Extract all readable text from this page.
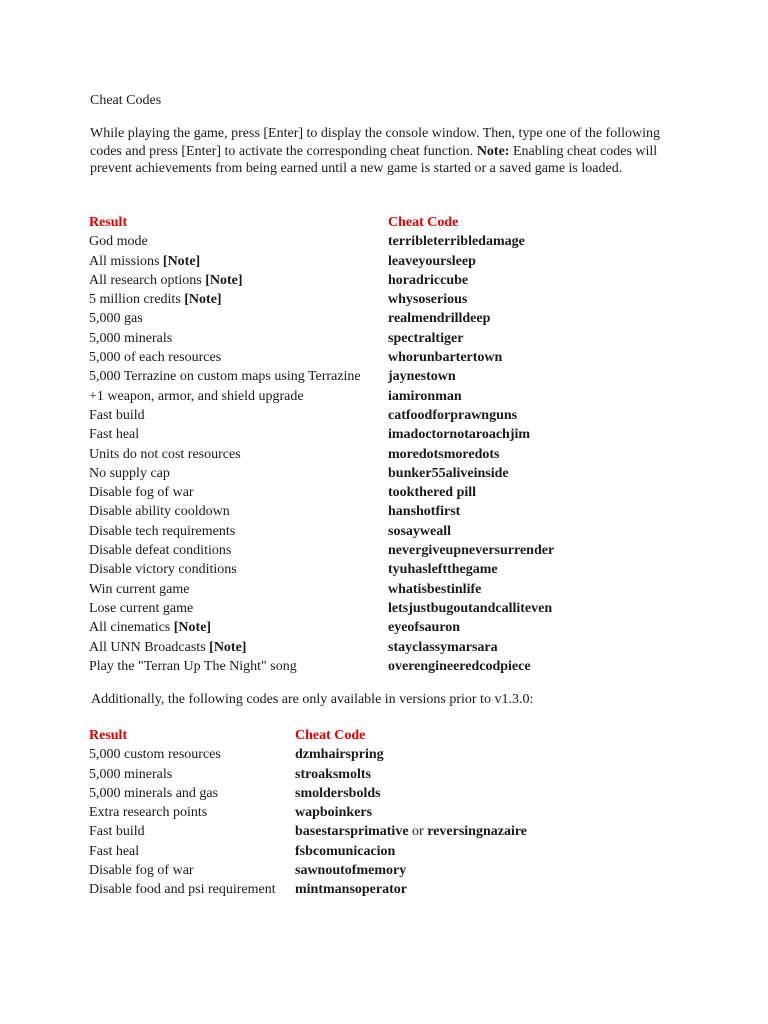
Cheat Codes

While playing the game, press [Enter] to display the console window. Then, type one of the following codes and press [Enter] to activate the corresponding cheat function. Note: Enabling cheat codes will prevent achievements from being earned until a new game is started or a saved game is loaded.

Result	Cheat Code
God mode	terribleterribledamage
All missions [Note]	leaveyoursleep
All research options [Note]	horadriccube
5 million credits [Note]	whysoserious
5,000 gas	realmendrilldeep
5,000 minerals	spectraltiger
5,000 of each resources	whorunbartertown
5,000 Terrazine on custom maps using Terrazine	jaynestown
+1 weapon, armor, and shield upgrade	iamironman
Fast build	catfoodforprawnguns
Fast heal	imadoctornotaroachjim
Units do not cost resources	moredotsmoredots
No supply cap	bunker55aliveinside
Disable fog of war	tookthered pill
Disable ability cooldown	hanshotfirst
Disable tech requirements	sosayweall
Disable defeat conditions	nevergiveupneversurrender
Disable victory conditions	tyuhasleftthegame
Win current game	whatisbestinlife
Lose current game	letsjustbugoutandcalliteven
All cinematics [Note]	eyeofsauron
All UNN Broadcasts [Note]	stayclassymarsara
Play the "Terran Up The Night" song	overengineeredcodpiece

Additionally, the following codes are only available in versions prior to v1.3.0:

Result	Cheat Code
5,000 custom resources	dzmhairspring
5,000 minerals	stroaksmolts
5,000 minerals and gas	smoldersbolds
Extra research points	wapboinkers
Fast build	basestarsprimative or reversingnazaire
Fast heal	fsbcomunicacion
Disable fog of war	sawnoutofmemory
Disable food and psi requirement	mintmansoperator
